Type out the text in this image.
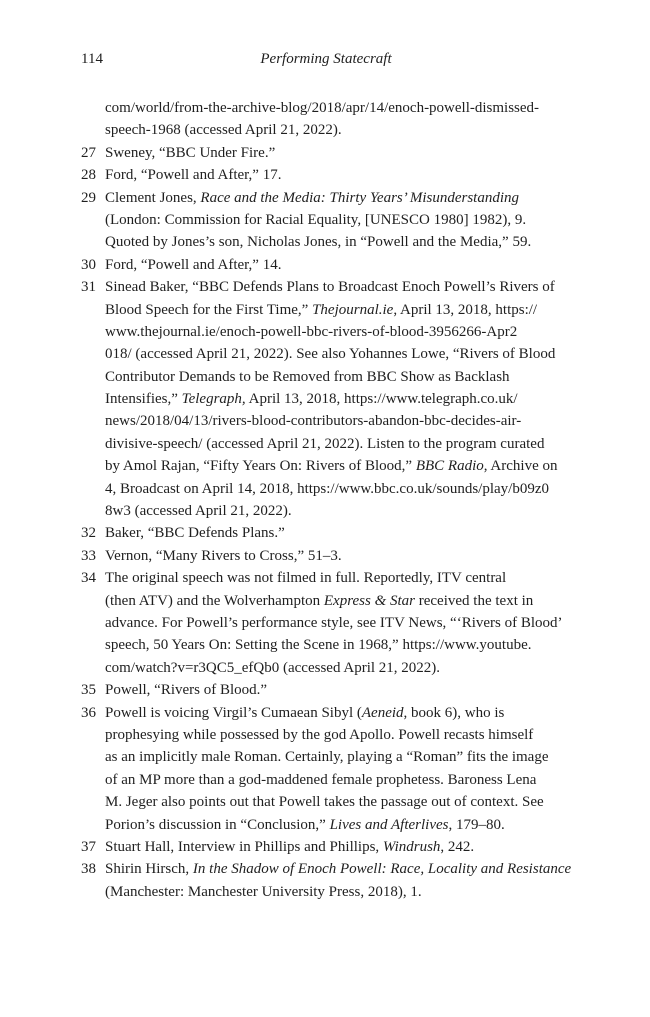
114	Performing Statecraft
com/world/from-the-archive-blog/2018/apr/14/enoch-powell-dismissed-
speech-1968 (accessed April 21, 2022).
27 Sweney, “BBC Under Fire.”
28 Ford, “Powell and After,” 17.
29 Clement Jones, Race and the Media: Thirty Years’ Misunderstanding
(London: Commission for Racial Equality, [UNESCO 1980] 1982), 9.
Quoted by Jones’s son, Nicholas Jones, in “Powell and the Media,” 59.
30 Ford, “Powell and After,” 14.
31 Sinead Baker, “BBC Defends Plans to Broadcast Enoch Powell’s Rivers of
Blood Speech for the First Time,” Thejournal.ie, April 13, 2018, https://
www.thejournal.ie/enoch-powell-bbc-rivers-of-blood-3956266-Apr2
018/ (accessed April 21, 2022). See also Yohannes Lowe, “Rivers of Blood
Contributor Demands to be Removed from BBC Show as Backlash
Intensifies,” Telegraph, April 13, 2018, https://www.telegraph.co.uk/
news/2018/04/13/rivers-blood-contributors-abandon-bbc-decides-air-
divisive-speech/ (accessed April 21, 2022). Listen to the program curated
by Amol Rajan, “Fifty Years On: Rivers of Blood,” BBC Radio, Archive on
4, Broadcast on April 14, 2018, https://www.bbc.co.uk/sounds/play/b09z0
8w3 (accessed April 21, 2022).
32 Baker, “BBC Defends Plans.”
33 Vernon, “Many Rivers to Cross,” 51–3.
34 The original speech was not filmed in full. Reportedly, ITV central
(then ATV) and the Wolverhampton Express & Star received the text in
advance. For Powell’s performance style, see ITV News, “‘Rivers of Blood’
speech, 50 Years On: Setting the Scene in 1968,” https://www.youtube.
com/watch?v=r3QC5_efQb0 (accessed April 21, 2022).
35 Powell, “Rivers of Blood.”
36 Powell is voicing Virgil’s Cumaean Sibyl (Aeneid, book 6), who is
prophesying while possessed by the god Apollo. Powell recasts himself
as an implicitly male Roman. Certainly, playing a “Roman” fits the image
of an MP more than a god-maddened female prophetess. Baroness Lena
M. Jeger also points out that Powell takes the passage out of context. See
Porion’s discussion in “Conclusion,” Lives and Afterlives, 179–80.
37 Stuart Hall, Interview in Phillips and Phillips, Windrush, 242.
38 Shirin Hirsch, In the Shadow of Enoch Powell: Race, Locality and Resistance
(Manchester: Manchester University Press, 2018), 1.
